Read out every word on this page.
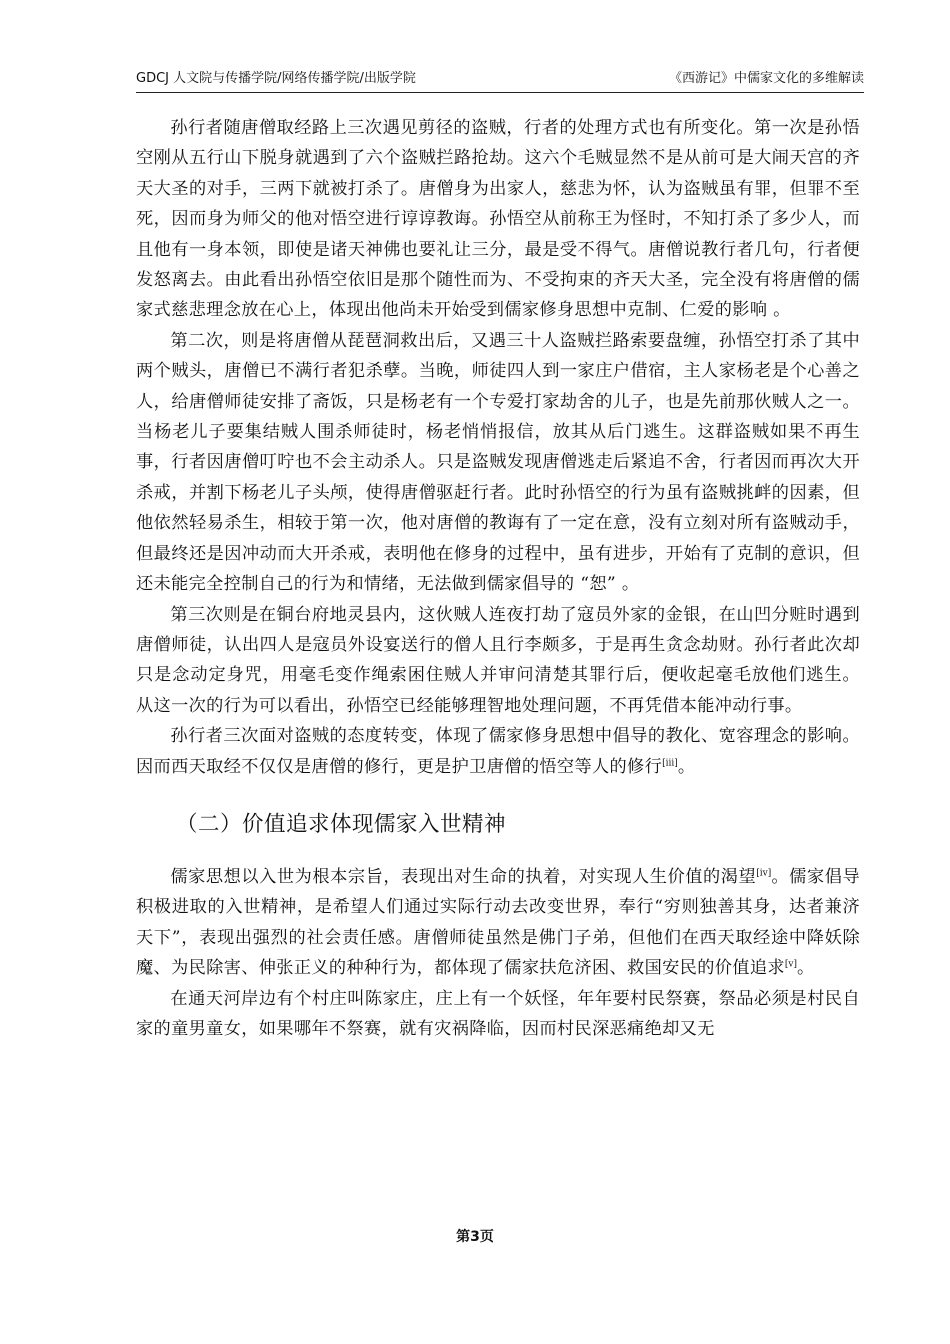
GDCJ 人文院与传播学院/网络传播学院/出版学院	《西游记》中儒家文化的多维解读

孙行者随唐僧取经路上三次遇见剪径的盗贼，行者的处理方式也有所变化。第一次是孙悟空刚从五行山下脱身就遇到了六个盗贼拦路抢劫。这六个毛贼显然不是从前可是大闹天宫的齐天大圣的对手，三两下就被打杀了。唐僧身为出家人，慈悲为怀，认为盗贼虽有罪，但罪不至死，因而身为师父的他对悟空进行谆谆教诲。孙悟空从前称王为怪时，不知打杀了多少人，而且他有一身本领，即使是诸天神佛也要礼让三分，最是受不得气。唐僧说教行者几句，行者便发怒离去。由此看出孙悟空依旧是那个随性而为、不受拘束的齐天大圣，完全没有将唐僧的儒家式慈悲理念放在心上，体现出他尚未开始受到儒家修身思想中克制、仁爱的影响 。

第二次，则是将唐僧从琵琶洞救出后，又遇三十人盗贼拦路索要盘缠，孙悟空打杀了其中两个贼头，唐僧已不满行者犯杀孽。当晚，师徒四人到一家庄户借宿，主人家杨老是个心善之人，给唐僧师徒安排了斋饭，只是杨老有一个专爱打家劫舍的儿子，也是先前那伙贼人之一。当杨老儿子要集结贼人围杀师徒时，杨老悄悄报信，放其从后门逃生。这群盗贼如果不再生事，行者因唐僧叮咛也不会主动杀人。只是盗贼发现唐僧逃走后紧追不舍，行者因而再次大开杀戒，并割下杨老儿子头颅，使得唐僧驱赶行者。此时孙悟空的行为虽有盗贼挑衅的因素，但他依然轻易杀生，相较于第一次，他对唐僧的教诲有了一定在意，没有立刻对所有盗贼动手，但最终还是因冲动而大开杀戒，表明他在修身的过程中，虽有进步，开始有了克制的意识，但还未能完全控制自己的行为和情绪，无法做到儒家倡导的 “恕” 。

第三次则是在铜台府地灵县内，这伙贼人连夜打劫了寇员外家的金银，在山凹分赃时遇到唐僧师徒，认出四人是寇员外设宴送行的僧人且行李颇多，于是再生贪念劫财。孙行者此次却只是念动定身咒，用毫毛变作绳索困住贼人并审问清楚其罪行后，便收起毫毛放他们逃生。 从这一次的行为可以看出，孙悟空已经能够理智地处理问题，不再凭借本能冲动行事。

孙行者三次面对盗贼的态度转变，体现了儒家修身思想中倡导的教化、宽容理念的影响。因而西天取经不仅仅是唐僧的修行，更是护卫唐僧的悟空等人的修行[iii]。

（二）价值追求体现儒家入世精神

儒家思想以入世为根本宗旨，表现出对生命的执着，对实现人生价值的渴望[iv]。儒家倡导积极进取的入世精神，是希望人们通过实际行动去改变世界，奉行“穷则独善其身，达者兼济天下”，表现出强烈的社会责任感。唐僧师徒虽然是佛门子弟，但他们在西天取经途中降妖除魔、为民除害、伸张正义的种种行为，都体现了儒家扶危济困、救国安民的价值追求[v]。

在通天河岸边有个村庄叫陈家庄，庄上有一个妖怪，年年要村民祭赛，祭品必须是村民自家的童男童女，如果哪年不祭赛，就有灾祸降临，因而村民深恶痛绝却又无

第3页
